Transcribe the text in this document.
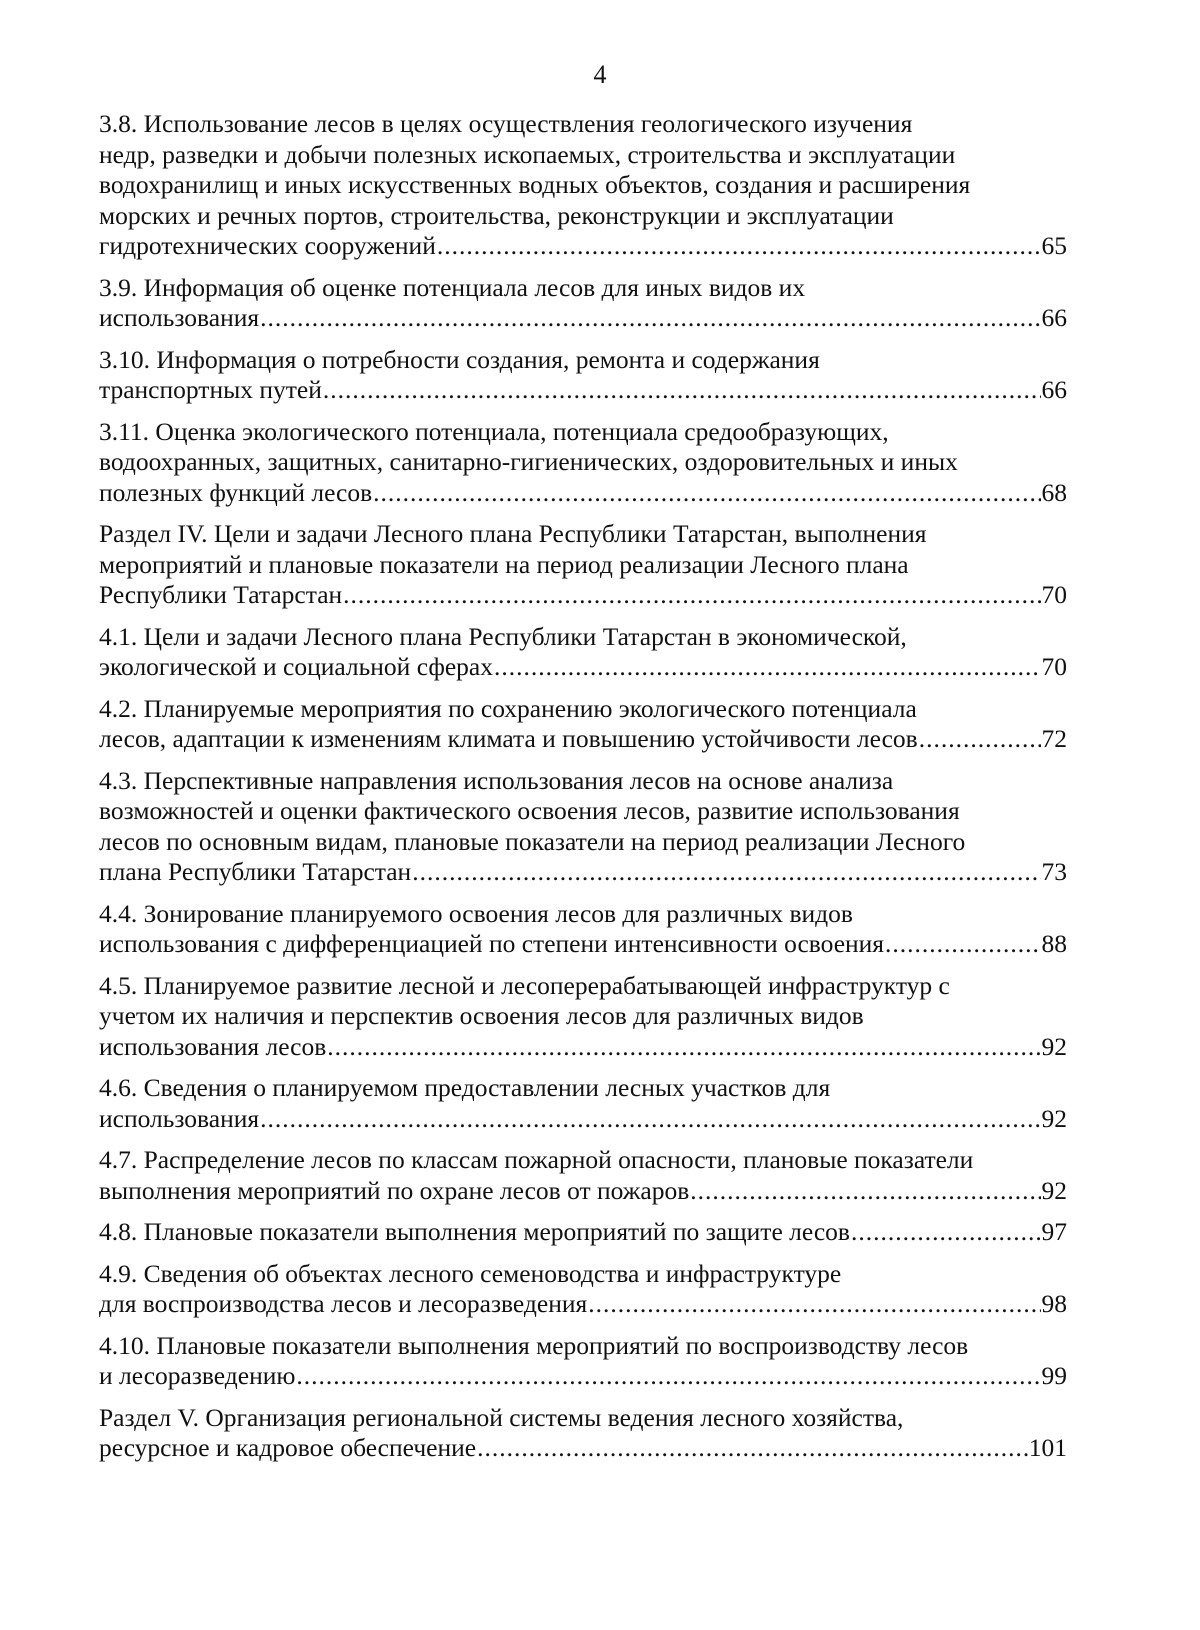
4
3.8. Использование лесов в целях осуществления геологического изучения
недр, разведки и добычи полезных ископаемых, строительства и эксплуатации
водохранилищ и иных искусственных водных объектов, создания и расширения
морских и речных портов, строительства, реконструкции и эксплуатации
гидротехнических сооружений .....	65
3.9. Информация об оценке потенциала лесов для иных видов их
использования .....	66
3.10. Информация о потребности создания, ремонта и содержания
транспортных путей .....	66
3.11. Оценка экологического потенциала, потенциала средообразующих,
водоохранных, защитных, санитарно-гигиенических, оздоровительных и иных
полезных функций лесов .....	68
Раздел IV. Цели и задачи Лесного плана Республики Татарстан, выполнения
мероприятий и плановые показатели на период реализации Лесного плана
Республики Татарстан .....	70
4.1. Цели и задачи Лесного плана Республики Татарстан в экономической,
экологической и социальной сферах .....	70
4.2. Планируемые мероприятия по сохранению экологического потенциала
лесов, адаптации к изменениям климата и повышению устойчивости лесов .....	72
4.3. Перспективные направления использования лесов на основе анализа
возможностей и оценки фактического освоения лесов, развитие использования
лесов по основным видам, плановые показатели на период реализации Лесного
плана Республики Татарстан .....	73
4.4. Зонирование планируемого освоения лесов для различных видов
использования с дифференциацией по степени интенсивности освоения .....	88
4.5. Планируемое развитие лесной и лесоперерабатывающей инфраструктур с
учетом их наличия и перспектив освоения лесов для различных видов
использования лесов .....	92
4.6. Сведения о планируемом предоставлении лесных участков для
использования .....	92
4.7. Распределение лесов по классам пожарной опасности, плановые показатели
выполнения мероприятий по охране лесов от пожаров .....	92
4.8. Плановые показатели выполнения мероприятий по защите лесов .....	97
4.9. Сведения об объектах лесного семеноводства и инфраструктуре
для воспроизводства лесов и лесоразведения .....	98
4.10. Плановые показатели выполнения мероприятий по воспроизводству лесов
и лесоразведению .....	99
Раздел V. Организация региональной системы ведения лесного хозяйства,
ресурсное и кадровое обеспечение .....	101
